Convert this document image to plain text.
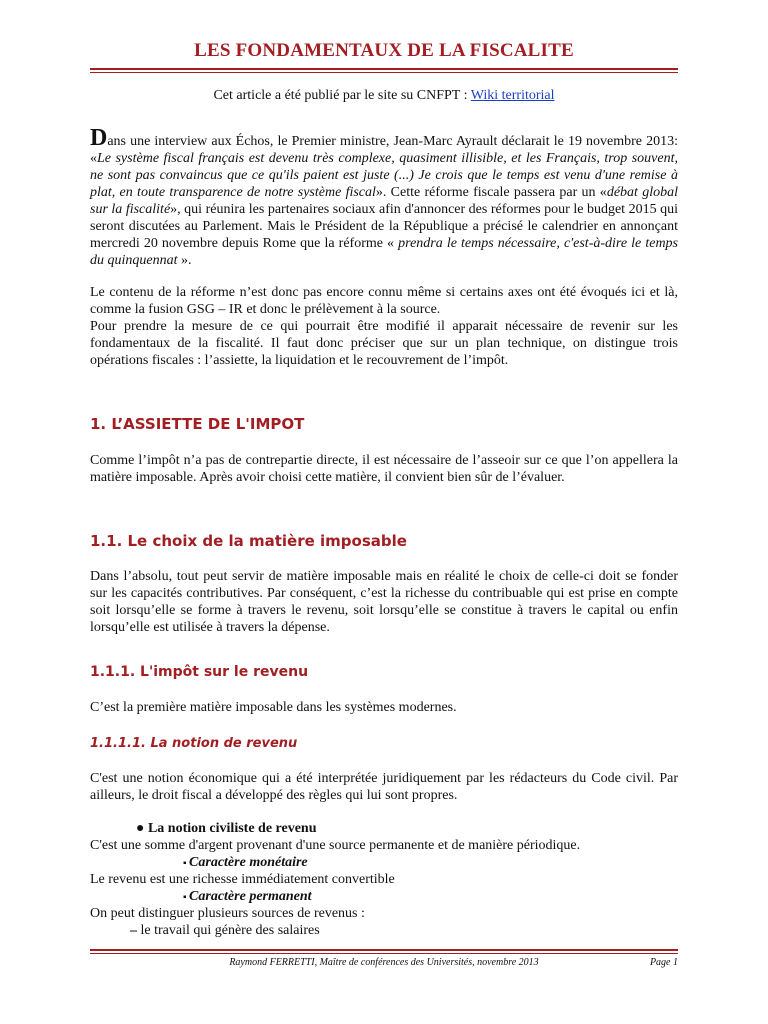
LES FONDAMENTAUX DE LA FISCALITE
Cet article a été publié par le site su CNFPT : Wiki territorial
Dans une interview aux Échos, le Premier ministre, Jean-Marc Ayrault déclarait le 19 novembre 2013: «Le système fiscal français est devenu très complexe, quasiment illisible, et les Français, trop souvent, ne sont pas convaincus que ce qu'ils paient est juste (...) Je crois que le temps est venu d'une remise à plat, en toute transparence de notre système fiscal». Cette réforme fiscale passera par un «débat global sur la fiscalité», qui réunira les partenaires sociaux afin d'annoncer des réformes pour le budget 2015 qui seront discutées au Parlement. Mais le Président de la République a précisé le calendrier en annonçant mercredi 20 novembre depuis Rome que la réforme « prendra le temps nécessaire, c'est-à-dire le temps du quinquennat ».
Le contenu de la réforme n’est donc pas encore connu même si certains axes ont été évoqués ici et là, comme la fusion GSG – IR et donc le prélèvement à la source.
Pour prendre la mesure de ce qui pourrait être modifié il apparait nécessaire de revenir sur les fondamentaux de la fiscalité. Il faut donc préciser que sur un plan technique, on distingue trois opérations fiscales : l’assiette, la liquidation et le recouvrement de l’impôt.
1. L’ASSIETTE DE L'IMPOT
Comme l’impôt n’a pas de contrepartie directe, il est nécessaire de l’asseoir sur ce que l’on appellera la matière imposable. Après avoir choisi cette matière, il convient bien sûr de l’évaluer.
1.1. Le choix de la matière imposable
Dans l’absolu, tout peut servir de matière imposable mais en réalité le choix de celle-ci doit se fonder sur les capacités contributives. Par conséquent, c’est la richesse du contribuable qui est prise en compte soit lorsqu’elle se forme à travers le revenu, soit lorsqu’elle se constitue à travers le capital ou enfin lorsqu’elle est utilisée à travers la dépense.
1.1.1. L'impôt sur le revenu
C’est la première matière imposable dans les systèmes modernes.
1.1.1.1. La notion de revenu
C'est une notion économique qui a été interprétée juridiquement par les rédacteurs du Code civil. Par ailleurs, le droit fiscal a développé des règles qui lui sont propres.
● La notion civiliste de revenu
C'est une somme d'argent provenant d'une source permanente et de manière périodique.
▪ Caractère monétaire
Le revenu est une richesse immédiatement convertible
▪ Caractère permanent
On peut distinguer plusieurs sources de revenus :
– le travail qui génère des salaires
Raymond FERRETTI, Maître de conférences des Universités, novembre 2013	Page 1
